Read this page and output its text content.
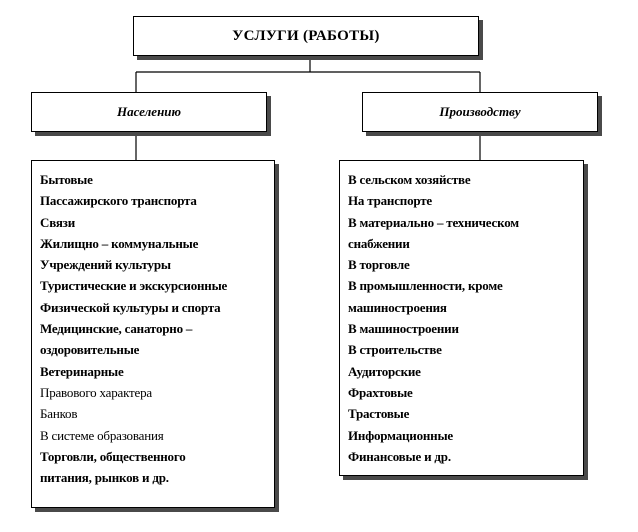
УСЛУГИ (РАБОТЫ)
Населению	Производству
Бытовые
Пассажирского транспорта
Связи
Жилищно – коммунальные
Учреждений культуры
Туристические и экскурсионные
Физической культуры и спорта
Медицинские, санаторно –
оздоровительные
Ветеринарные
Правового характера
Банков
В системе образования
Торговли, общественного
питания, рынков и др.
В сельском хозяйстве
На транспорте
В материально – техническом
снабжении
В торговле
В промышленности, кроме
машиностроения
В машиностроении
В строительстве
Аудиторские
Фрахтовые
Трастовые
Информационные
Финансовые и др.
